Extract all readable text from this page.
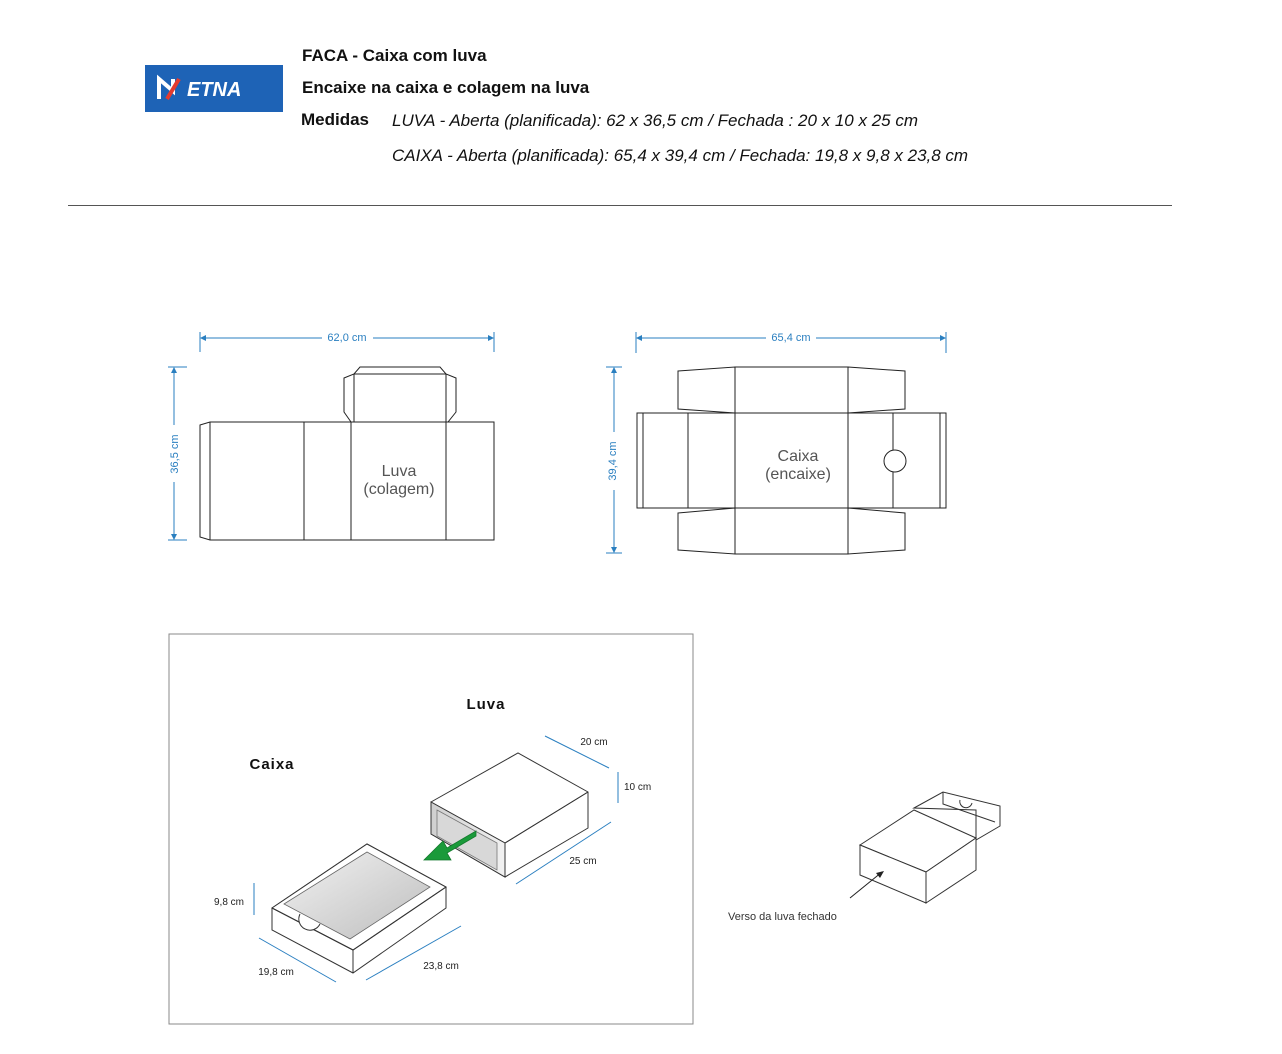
ETNA
FACA - Caixa com luva
Encaixe na caixa e colagem na luva
Medidas LUVA - Aberta (planificada): 62 x 36,5 cm / Fechada : 20 x 10 x 25 cm
CAIXA - Aberta (planificada): 65,4 x 39,4 cm / Fechada: 19,8 x 9,8 x 23,8 cm
62,0 cm
36,5 cm	Luva
(colagem)
65,4 cm
39,4 cm	Caixa
(encaixe)
Luva
Caixa
20 cm
10 cm
25 cm
9,8 cm
19,8 cm
23,8 cm
Verso da luva fechado
